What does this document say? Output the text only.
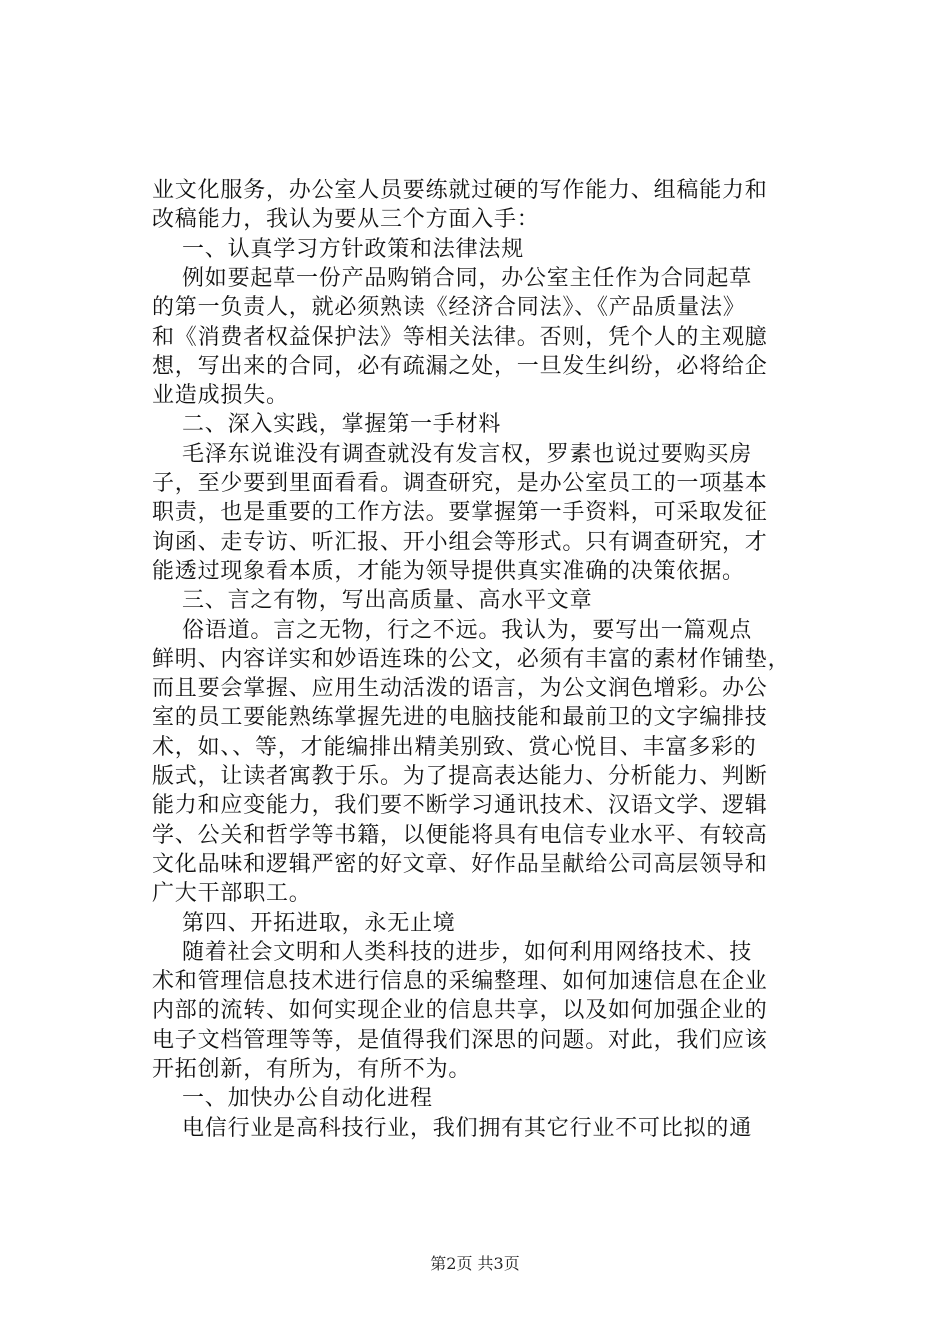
业文化服务，办公室人员要练就过硬的写作能力、组稿能力和
改稿能力，我认为要从三个方面入手：
一、认真学习方针政策和法律法规
例如要起草一份产品购销合同，办公室主任作为合同起草
的第一负责人，就必须熟读《经济合同法》、《产品质量法》
和《消费者权益保护法》等相关法律。否则，凭个人的主观臆
想，写出来的合同，必有疏漏之处，一旦发生纠纷，必将给企
业造成损失。
二、深入实践，掌握第一手材料
毛泽东说谁没有调查就没有发言权，罗素也说过要购买房
子，至少要到里面看看。调查研究，是办公室员工的一项基本
职责，也是重要的工作方法。要掌握第一手资料，可采取发征
询函、走专访、听汇报、开小组会等形式。只有调查研究，才
能透过现象看本质，才能为领导提供真实准确的决策依据。
三、言之有物，写出高质量、高水平文章
俗语道。言之无物，行之不远。我认为，要写出一篇观点
鲜明、内容详实和妙语连珠的公文，必须有丰富的素材作铺垫，
而且要会掌握、应用生动活泼的语言，为公文润色增彩。办公
室的员工要能熟练掌握先进的电脑技能和最前卫的文字编排技
术，如、、等，才能编排出精美别致、赏心悦目、丰富多彩的
版式，让读者寓教于乐。为了提高表达能力、分析能力、判断
能力和应变能力，我们要不断学习通讯技术、汉语文学、逻辑
学、公关和哲学等书籍，以便能将具有电信专业水平、有较高
文化品味和逻辑严密的好文章、好作品呈献给公司高层领导和
广大干部职工。
第四、开拓进取，永无止境
随着社会文明和人类科技的进步，如何利用网络技术、技
术和管理信息技术进行信息的采编整理、如何加速信息在企业
内部的流转、如何实现企业的信息共享，以及如何加强企业的
电子文档管理等等，是值得我们深思的问题。对此，我们应该
开拓创新，有所为，有所不为。
一、加快办公自动化进程
电信行业是高科技行业，我们拥有其它行业不可比拟的通
第2页 共3页
